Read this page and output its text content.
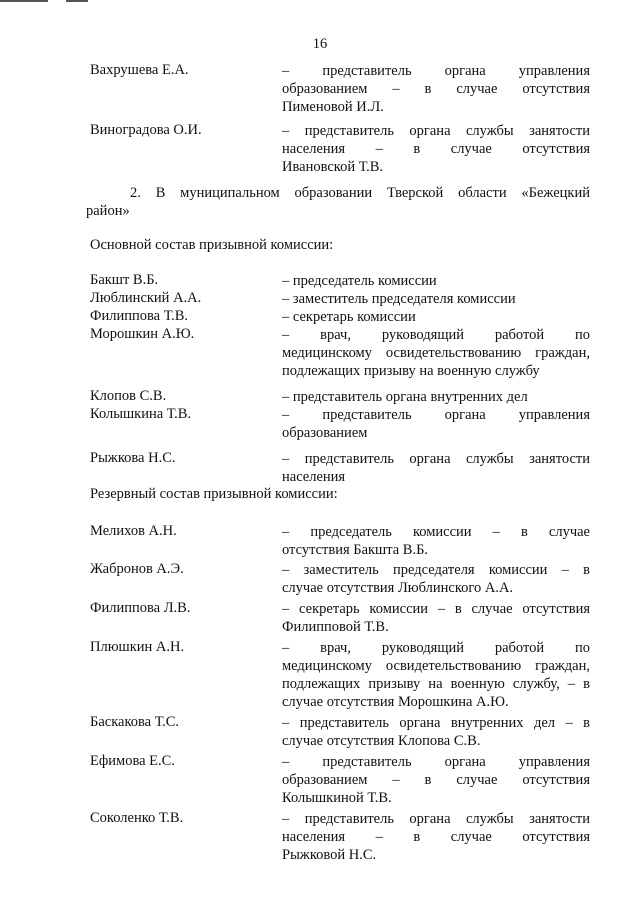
16
Вахрушева Е.А.	– представитель органа управления
образованием – в случае отсутствия
Пименовой И.Л.
Виноградова О.И.	– представитель органа службы занятости
населения – в случае отсутствия
Ивановской Т.В.
2. В муниципальном образовании Тверской области «Бежецкий
район»
Основной состав призывной комиссии:
Бакшт В.Б.	– председатель комиссии
Люблинский А.А.	– заместитель председателя комиссии
Филиппова Т.В.	– секретарь комиссии
Морошкин А.Ю.	– врач, руководящий работой по
медицинскому освидетельствованию граждан,
подлежащих призыву на военную службу
Клопов С.В.	– представитель органа внутренних дел
Колышкина Т.В.	– представитель органа управления
образованием
Рыжкова Н.С.	– представитель органа службы занятости
населения
Резервный состав призывной комиссии:
Мелихов А.Н.	– председатель комиссии – в случае
отсутствия Бакшта В.Б.
Жабронов А.Э.	– заместитель председателя комиссии – в
случае отсутствия Люблинского А.А.
Филиппова Л.В.	– секретарь комиссии – в случае отсутствия
Филипповой Т.В.
Плюшкин А.Н.	– врач, руководящий работой по
медицинскому освидетельствованию граждан,
подлежащих призыву на военную службу, – в
случае отсутствия Морошкина А.Ю.
Баскакова Т.С.	– представитель органа внутренних дел – в
случае отсутствия Клопова С.В.
Ефимова Е.С.	– представитель органа управления
образованием – в случае отсутствия
Колышкиной Т.В.
Соколенко Т.В.	– представитель органа службы занятости
населения – в случае отсутствия
Рыжковой Н.С.
